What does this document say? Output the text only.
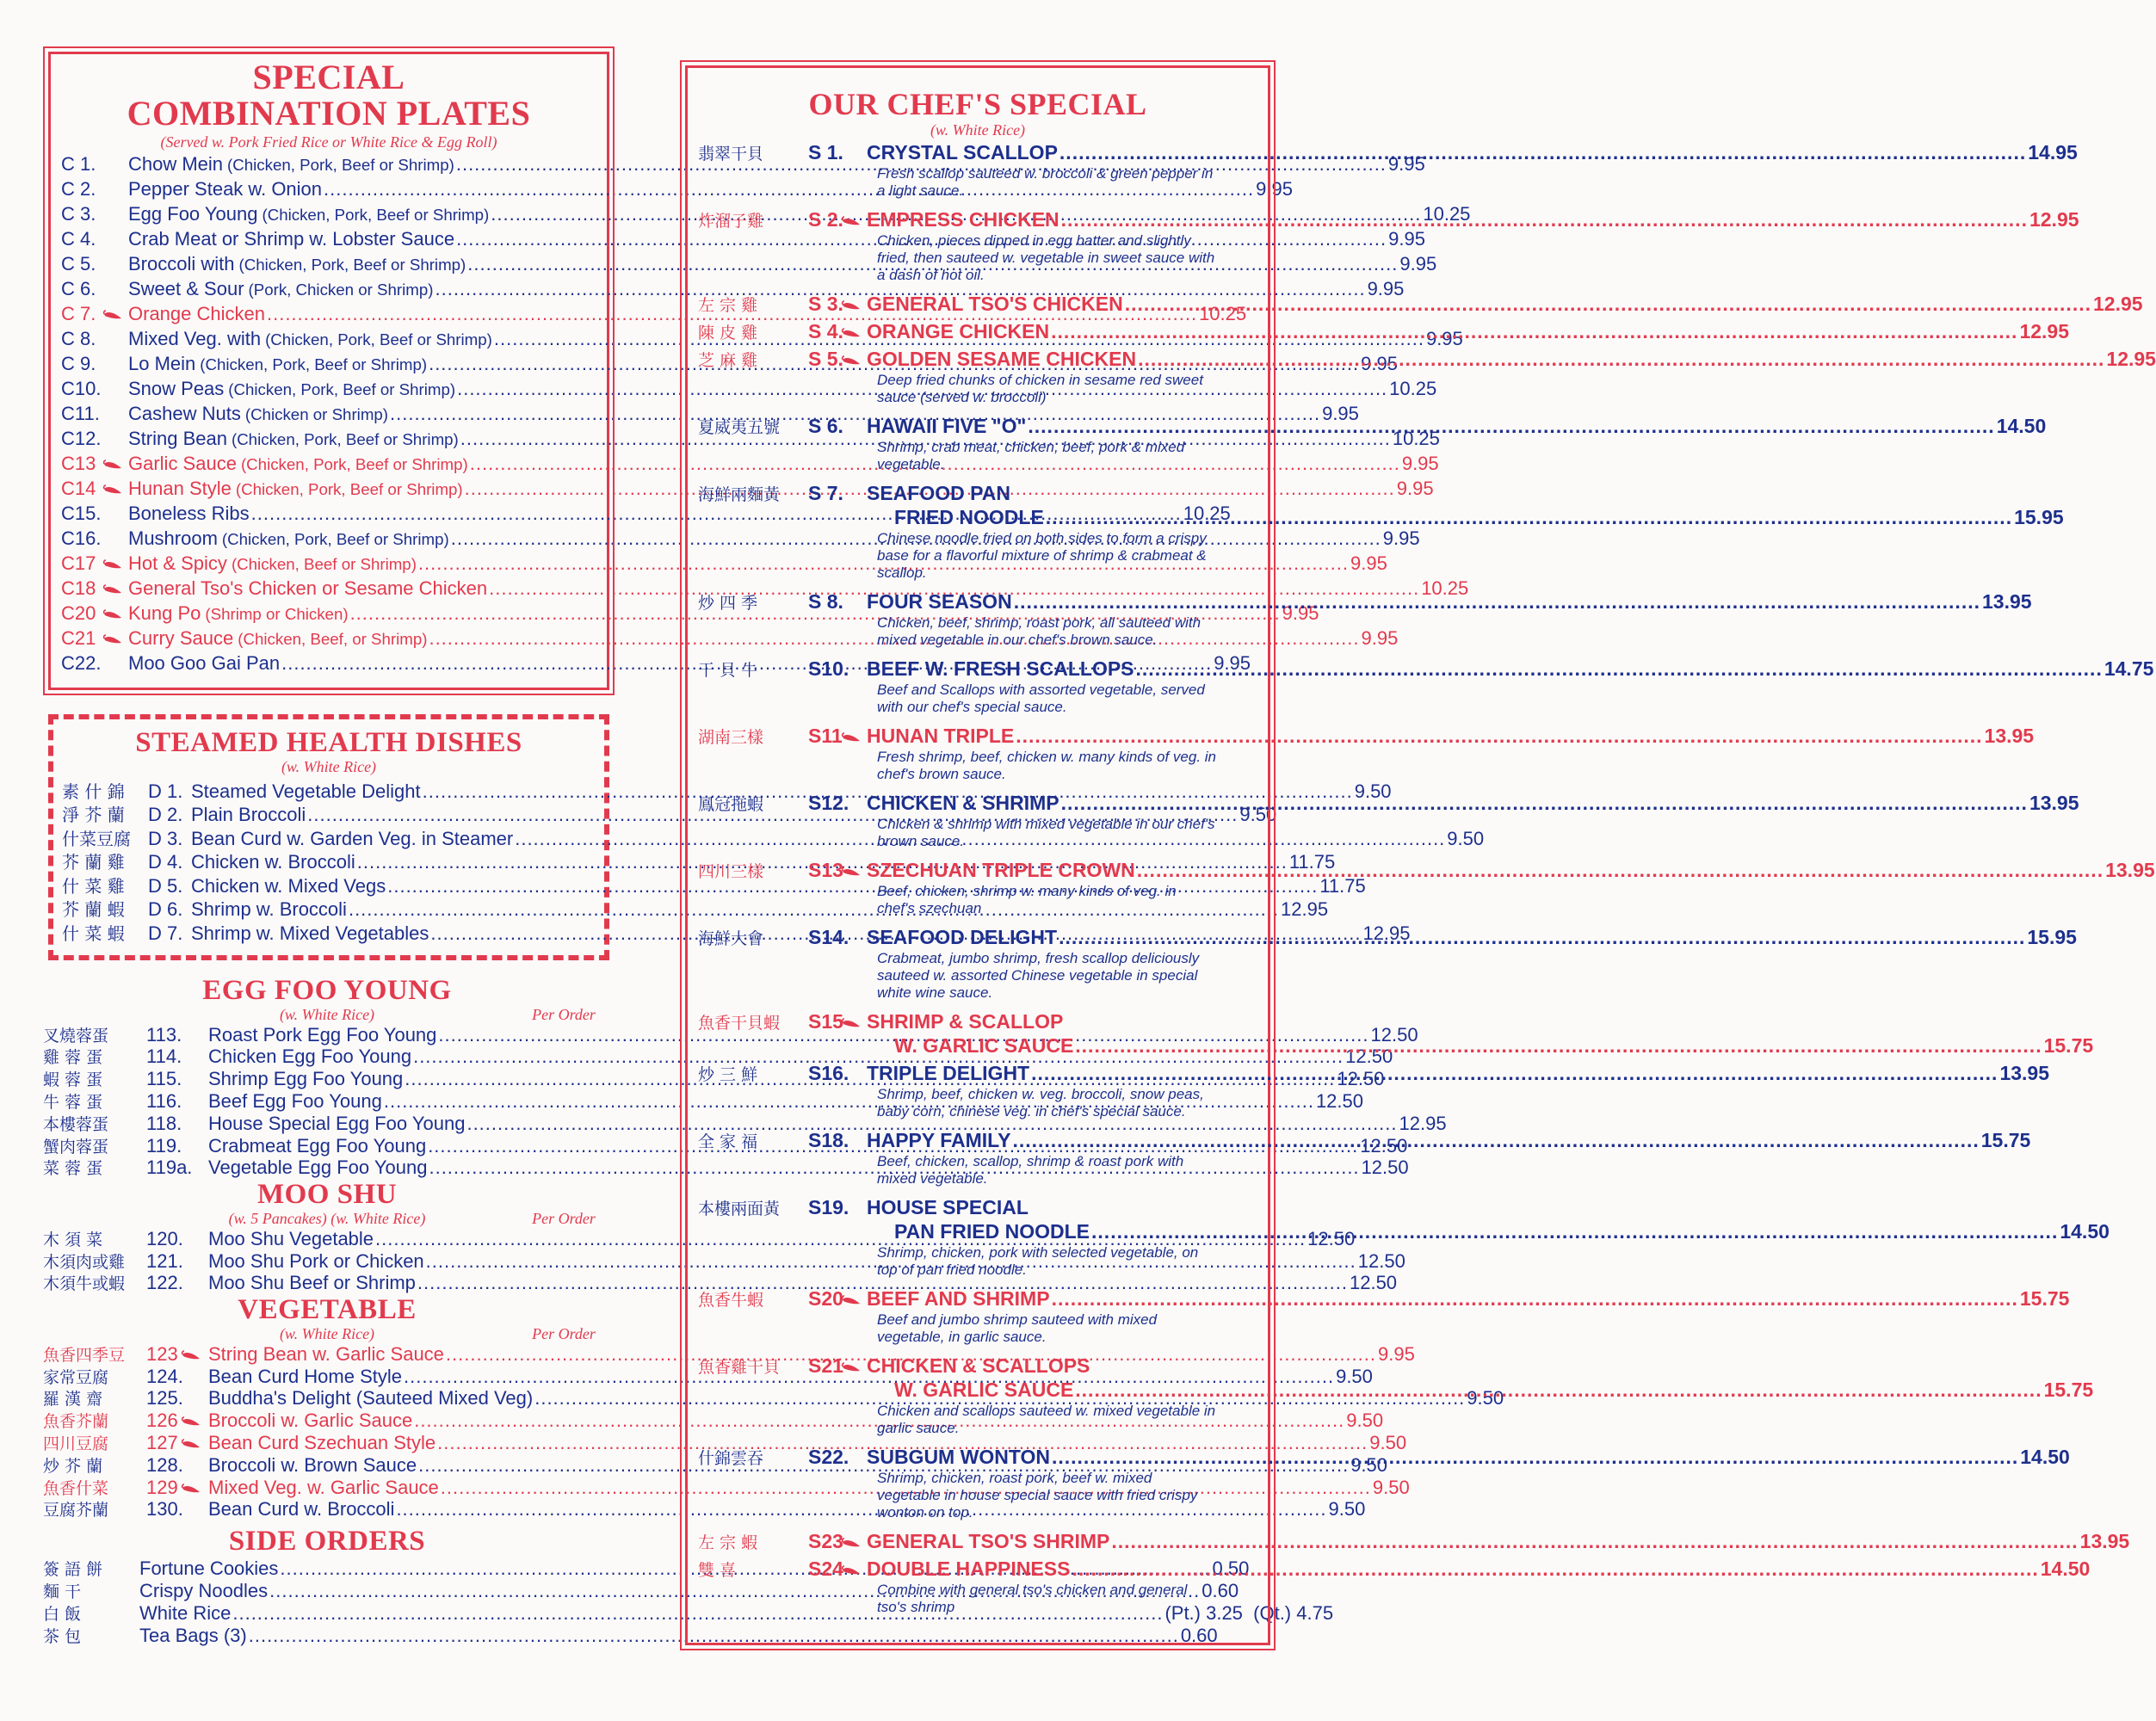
SPECIAL
COMBINATION PLATES
(Served w. Pork Fried Rice or White Rice & Egg Roll)
C 1.	Chow Mein (Chicken, Pork, Beef or Shrimp) .....	9.95
C 2.	Pepper Steak w. Onion .....	9.95
C 3.	Egg Foo Young (Chicken, Pork, Beef or Shrimp) .....	10.25
C 4.	Crab Meat or Shrimp w. Lobster Sauce .....	9.95
C 5.	Broccoli with (Chicken, Pork, Beef or Shrimp) .....	9.95
C 6.	Sweet & Sour (Pork, Chicken or Shrimp) .....	9.95
C 7.	Orange Chicken .....	10.25
C 8.	Mixed Veg. with (Chicken, Pork, Beef or Shrimp) .....	9.95
C 9.	Lo Mein (Chicken, Pork, Beef or Shrimp) .....	9.95
C10.	Snow Peas (Chicken, Pork, Beef or Shrimp) .....	10.25
C11.	Cashew Nuts (Chicken or Shrimp) .....	9.95
C12.	String Bean (Chicken, Pork, Beef or Shrimp) .....	10.25
C13	Garlic Sauce (Chicken, Pork, Beef or Shrimp) .....	9.95
C14	Hunan Style (Chicken, Pork, Beef or Shrimp) .....	9.95
C15.	Boneless Ribs .....	10.25
C16.	Mushroom (Chicken, Pork, Beef or Shrimp) .....	9.95
C17	Hot & Spicy (Chicken, Beef or Shrimp) .....	9.95
C18	General Tso's Chicken or Sesame Chicken .....	10.25
C20	Kung Po (Shrimp or Chicken) .....	9.95
C21	Curry Sauce (Chicken, Beef, or Shrimp) .....	9.95
C22.	Moo Goo Gai Pan .....	9.95
STEAMED HEALTH DISHES
(w. White Rice)
素 什 錦	D 1. Steamed Vegetable Delight .....	9.50
淨 芥 蘭	D 2. Plain Broccoli .....	9.50
什菜豆腐 D 3. Bean Curd w. Garden Veg. in Steamer .....	9.50
芥 蘭 雞	D 4. Chicken w. Broccoli .....	11.75
什 菜 雞	D 5. Chicken w. Mixed Vegs .....	11.75
芥 蘭 蝦	D 6. Shrimp w. Broccoli .....	12.95
什 菜 蝦	D 7. Shrimp w. Mixed Vegetables .....	12.95
EGG FOO YOUNG
(w. White Rice)	Per Order
叉燒蓉蛋	113.	Roast Pork Egg Foo Young .....	12.50
雞 蓉 蛋	114.	Chicken Egg Foo Young .....	12.50
蝦 蓉 蛋	115.	Shrimp Egg Foo Young .....	12.50
牛 蓉 蛋	116.	Beef Egg Foo Young .....	12.50
本樓蓉蛋	118.	House Special Egg Foo Young .....	12.95
蟹肉蓉蛋	119.	Crabmeat Egg Foo Young .....	12.50
菜 蓉 蛋	119a. Vegetable Egg Foo Young .....	12.50
MOO SHU
(w. 5 Pancakes) (w. White Rice)	Per Order
木 須 菜	120.	Moo Shu Vegetable .....	12.50
木須肉或雞	121.	Moo Shu Pork or Chicken .....	12.50
木須牛或蝦	122.	Moo Shu Beef or Shrimp .....	12.50
VEGETABLE
(w. White Rice)	Per Order
魚香四季豆	123 String Bean w. Garlic Sauce .....	9.95
家常豆腐	124.	Bean Curd Home Style .....	9.50
羅 漢 齋	125.	Buddha's Delight (Sauteed Mixed Veg) .....	9.50
魚香芥蘭	126 Broccoli w. Garlic Sauce .....	9.50
四川豆腐	127 Bean Curd Szechuan Style .....	9.50
炒 芥 蘭	128.	Broccoli w. Brown Sauce .....	9.50
魚香什菜	129 Mixed Veg. w. Garlic Sauce .....	9.50
豆腐芥蘭	130.	Bean Curd w. Broccoli .....	9.50
SIDE ORDERS
簽 語 餅	Fortune Cookies .....	0.50
麵 干	Crispy Noodles .....	0.60
白 飯	White Rice .....	(Pt.) 3.25  (Qt.) 4.75
茶 包	Tea Bags (3) .....	0.60
OUR CHEF'S SPECIAL
(w. White Rice)
翡翠干貝	S 1.	CRYSTAL SCALLOP .....	14.95
Fresh scallop sauteed w. broccoli & green pepper in a light sauce.
炸溜子雞	S 2. EMPRESS CHICKEN .....	12.95
Chicken, pieces dipped in egg batter and slightly fried, then sauteed w. vegetable in sweet sauce with a dash of hot oil.
左 宗 雞	S 3. GENERAL TSO'S CHICKEN .....	12.95
陳 皮 雞	S 4. ORANGE CHICKEN .....	12.95
芝 麻 雞	S 5. GOLDEN SESAME CHICKEN .....	12.95
Deep fried chunks of chicken in sesame red sweet sauce (served w. broccoli)
夏威夷五號	S 6.	HAWAII FIVE "O" .....	14.50
Shrimp, crab meat, chicken, beef, pork & mixed vegetable.
海鮮兩麵黃	S 7.	SEAFOOD PAN
FRIED NOODLE .....	15.95
Chinese noodle fried on both sides to form a crispy base for a flavorful mixture of shrimp & crabmeat & scallop.
炒 四 季	S 8.	FOUR SEASON .....	13.95
Chicken, beef, shrimp, roast pork, all sauteed with mixed vegetable in our chef's brown sauce.
干 貝 牛	S10. BEEF W. FRESH SCALLOPS .....	14.75
Beef and Scallops with assorted vegetable, served with our chef's special sauce.
湖南三樣	S11 HUNAN TRIPLE .....	13.95
Fresh shrimp, beef, chicken w. many kinds of veg. in chef's brown sauce.
鳳冠拖蝦	S12. CHICKEN & SHRIMP .....	13.95
Chicken & shrimp with mixed vegetable in our chef's brown sauce.
四川三樣	S13 SZECHUAN TRIPLE CROWN .....	13.95
Beef, chicken, shrimp w. many kinds of veg. in chef's szechuan
海鮮大會	S14. SEAFOOD DELIGHT .....	15.95
Crabmeat, jumbo shrimp, fresh scallop deliciously sauteed w. assorted Chinese vegetable in special white wine sauce.
魚香干貝蝦	S15 SHRIMP & SCALLOP
W. GARLIC SAUCE .....	15.75
炒 三 鮮	S16. TRIPLE DELIGHT .....	13.95
Shrimp, beef, chicken w. veg. broccoli, snow peas, baby corn, chinese veg. in chef's special sauce.
全 家 福	S18. HAPPY FAMILY .....	15.75
Beef, chicken, scallop, shrimp & roast pork with mixed vegetable.
本樓兩面黃	S19. HOUSE SPECIAL
PAN FRIED NOODLE .....	14.50
Shrimp, chicken, pork with selected vegetable, on top of pan fried noodle.
魚香牛蝦	S20 BEEF AND SHRIMP .....	15.75
Beef and jumbo shrimp sauteed with mixed vegetable, in garlic sauce.
魚香雞干貝	S21 CHICKEN & SCALLOPS
W. GARLIC SAUCE .....	15.75
Chicken and scallops sauteed w. mixed vegetable in garlic sauce.
什錦雲吞	S22. SUBGUM WONTON .....	14.50
Shrimp, chicken, roast pork, beef w. mixed vegetable in house special sauce with fried crispy wonton on top.
左 宗 蝦	S23 GENERAL TSO'S SHRIMP .....	13.95
雙 喜	S24 DOUBLE HAPPINESS .....	14.50
Combine with general tso's chicken and general tso's shrimp
